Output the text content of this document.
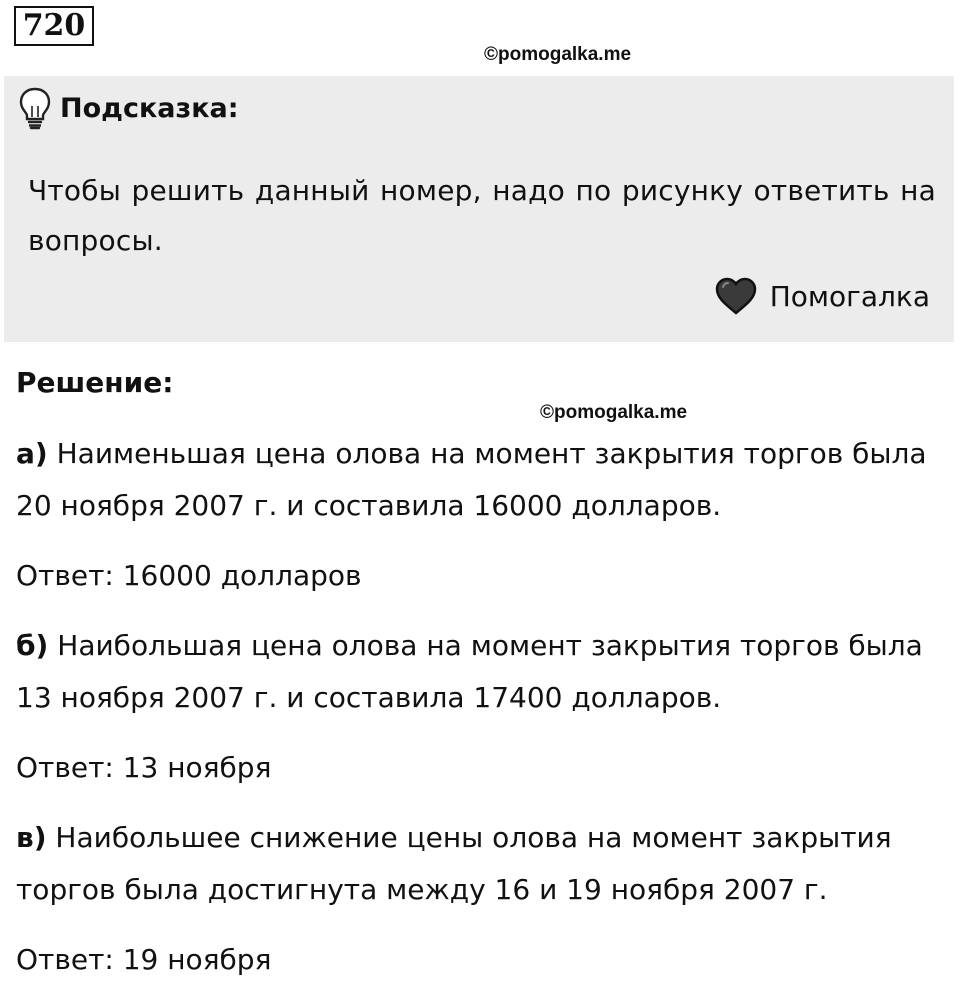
720
©pomogalka.me
Подсказка:

Чтобы решить данный номер, надо по рисунку ответить на вопросы.

Помогалка
Решение:
©pomogalka.me

а) Наименьшая цена олова на момент закрытия торгов была 20 ноября 2007 г. и составила 16000 долларов.

Ответ: 16000 долларов

б) Наибольшая цена олова на момент закрытия торгов была 13 ноября 2007 г. и составила 17400 долларов.

Ответ: 13 ноября

в) Наибольшее снижение цены олова на момент закрытия торгов была достигнута между 16 и 19 ноября 2007 г.

Ответ: 19 ноября
